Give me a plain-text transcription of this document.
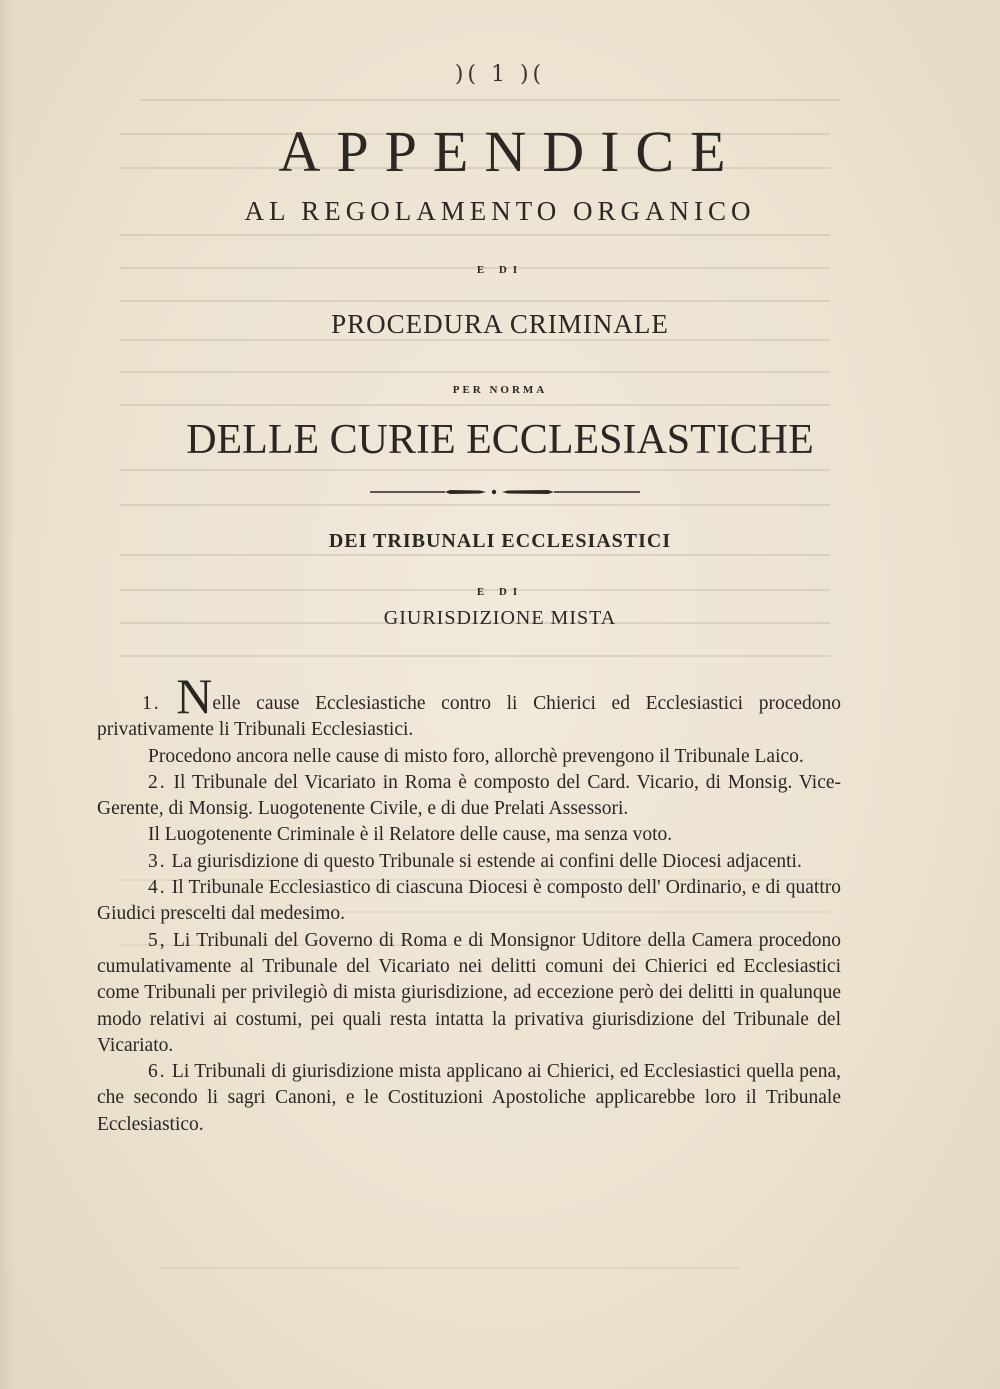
)( 1 )(
APPENDICE
AL REGOLAMENTO ORGANICO
E DI
PROCEDURA CRIMINALE
PER NORMA
DELLE CURIE ECCLESIASTICHE
DEI TRIBUNALI ECCLESIASTICI
E DI
GIURISDIZIONE MISTA

1. Nelle cause Ecclesiastiche contro li Chierici ed Ecclesiastici procedono privativamente li Tribunali Ecclesiastici.

Procedono ancora nelle cause di misto foro, allorchè prevengono il Tribunale Laico.

2. Il Tribunale del Vicariato in Roma è composto del Card. Vicario, di Monsig. Vice-Gerente, di Monsig. Luogotenente Civile, e di due Prelati Assessori.

Il Luogotenente Criminale è il Relatore delle cause, ma senza voto.

3. La giurisdizione di questo Tribunale si estende ai confini delle Diocesi adjacenti.

4. Il Tribunale Ecclesiastico di ciascuna Diocesi è composto dell' Ordinario, e di quattro Giudici prescelti dal medesimo.

5, Li Tribunali del Governo di Roma e di Monsignor Uditore della Camera procedono cumulativamente al Tribunale del Vicariato nei delitti comuni dei Chierici ed Ecclesiastici come Tribunali per privilegiò di mista giurisdizione, ad eccezione però dei delitti in qualunque modo relativi ai costumi, pei quali resta intatta la privativa giurisdizione del Tribunale del Vicariato.

6. Li Tribunali di giurisdizione mista applicano ai Chierici, ed Ecclesiastici quella pena, che secondo li sagri Canoni, e le Costituzioni Apostoliche applicarebbe loro il Tribunale Ecclesiastico.
